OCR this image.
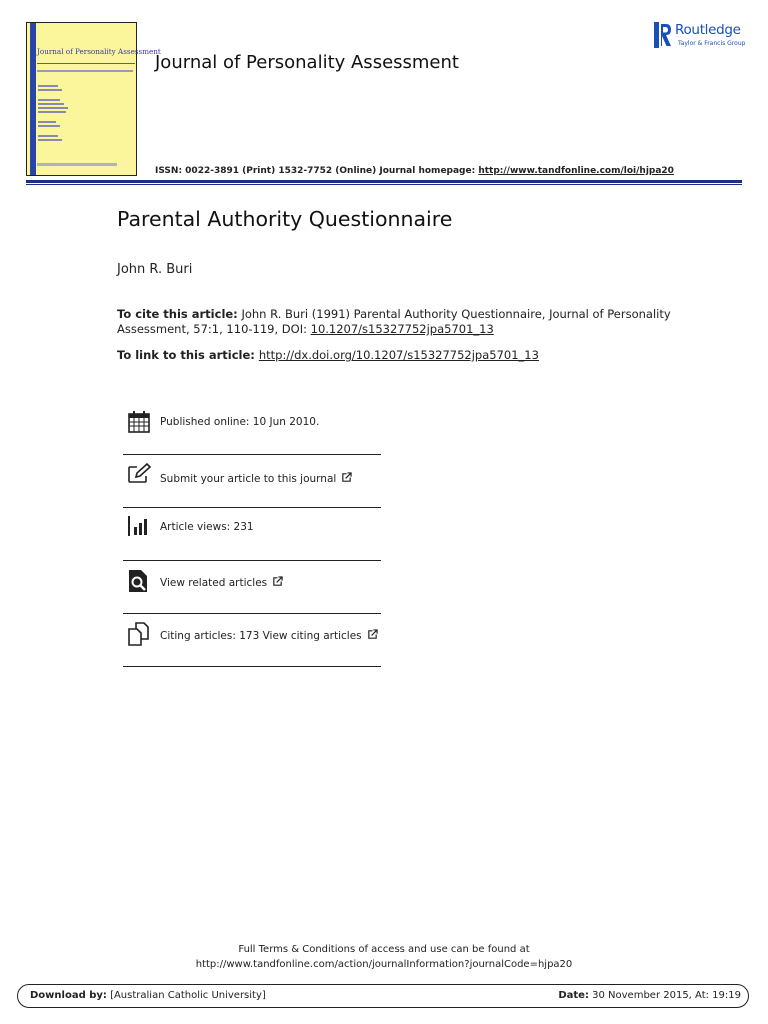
Journal of Personality Assessment
Journal of Personality Assessment
Routledge
Taylor & Francis Group
ISSN: 0022-3891 (Print) 1532-7752 (Online) Journal homepage: http://www.tandfonline.com/loi/hjpa20
Parental Authority Questionnaire
John R. Buri
To cite this article: John R. Buri (1991) Parental Authority Questionnaire, Journal of Personality Assessment, 57:1, 110-119, DOI: 10.1207/s15327752jpa5701_13
To link to this article: http://dx.doi.org/10.1207/s15327752jpa5701_13
Published online: 10 Jun 2010.
Submit your article to this journal
Article views: 231
View related articles
Citing articles: 173 View citing articles
Full Terms & Conditions of access and use can be found at
http://www.tandfonline.com/action/journalInformation?journalCode=hjpa20
Download by: [Australian Catholic University]	Date: 30 November 2015, At: 19:19
